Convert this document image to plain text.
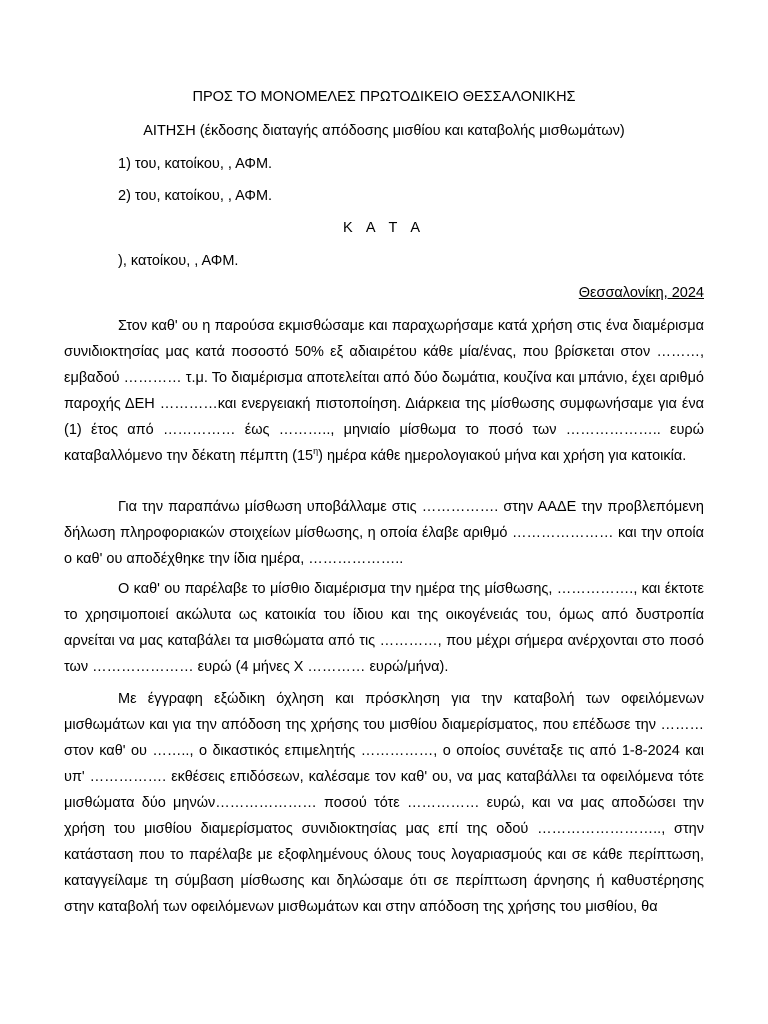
ΠΡΟΣ ΤΟ ΜΟΝΟΜΕΛΕΣ ΠΡΩΤΟΔΙΚΕΙΟ ΘΕΣΣΑΛΟΝΙΚΗΣ
ΑΙΤΗΣΗ (έκδοσης διαταγής απόδοσης μισθίου και καταβολής μισθωμάτων)
1) του, κατοίκου, , ΑΦΜ.
2) του, κατοίκου, , ΑΦΜ.
Κ Α Τ Α
), κατοίκου, , ΑΦΜ.
Θεσσαλονίκη, 2024
Στον καθ' ου η παρούσα εκμισθώσαμε και παραχωρήσαμε κατά χρήση στις ένα διαμέρισμα συνιδιοκτησίας μας κατά ποσοστό 50% εξ αδιαιρέτου κάθε μία/ένας, που βρίσκεται στον ………, εμβαδού ………… τ.μ. Το διαμέρισμα αποτελείται από δύο δωμάτια, κουζίνα και μπάνιο, έχει αριθμό παροχής ΔΕΗ …………και ενεργειακή πιστοποίηση. Διάρκεια της μίσθωσης συμφωνήσαμε για ένα (1) έτος από …………… έως ……….., μηνιαίο μίσθωμα το ποσό των ……………….. ευρώ καταβαλλόμενο την δέκατη πέμπτη $(15^\eta)$ ημέρα κάθε ημερολογιακού μήνα και χρήση για κατοικία.
Για την παραπάνω μίσθωση υποβάλλαμε στις ……………. στην ΑΑΔΕ την προβλεπόμενη δήλωση πληροφοριακών στοιχείων μίσθωσης, η οποία έλαβε αριθμό ………………… και την οποία ο καθ' ου αποδέχθηκε την ίδια ημέρα, ………………..
Ο καθ' ου παρέλαβε το μίσθιο διαμέρισμα την ημέρα της μίσθωσης, ……………., και έκτοτε το χρησιμοποιεί ακώλυτα ως κατοικία του ίδιου και της οικογένειάς του, όμως από δυστροπία αρνείται να μας καταβάλει τα μισθώματα από τις …………, που μέχρι σήμερα ανέρχονται στο ποσό των ………………… ευρώ (4 μήνες Χ ………… ευρώ/μήνα).
Με έγγραφη εξώδικη όχληση και πρόσκληση για την καταβολή των οφειλόμενων μισθωμάτων και για την απόδοση της χρήσης του μισθίου διαμερίσματος, που επέδωσε την ……… στον καθ' ου …….., ο δικαστικός επιμελητής ……………, ο οποίος συνέταξε τις από 1-8-2024 και υπ' ……………. εκθέσεις επιδόσεων, καλέσαμε τον καθ' ου, να μας καταβάλλει τα οφειλόμενα τότε μισθώματα δύο μηνών………………… ποσού τότε …………… ευρώ, και να μας αποδώσει την χρήση του μισθίου διαμερίσματος συνιδιοκτησίας μας επί της οδού …………………….., στην κατάσταση που το παρέλαβε με εξοφλημένους όλους τους λογαριασμούς και σε κάθε περίπτωση, καταγγείλαμε τη σύμβαση μίσθωσης και δηλώσαμε ότι σε περίπτωση άρνησης ή καθυστέρησης στην καταβολή των οφειλόμενων μισθωμάτων και στην απόδοση της χρήσης του μισθίου, θα
